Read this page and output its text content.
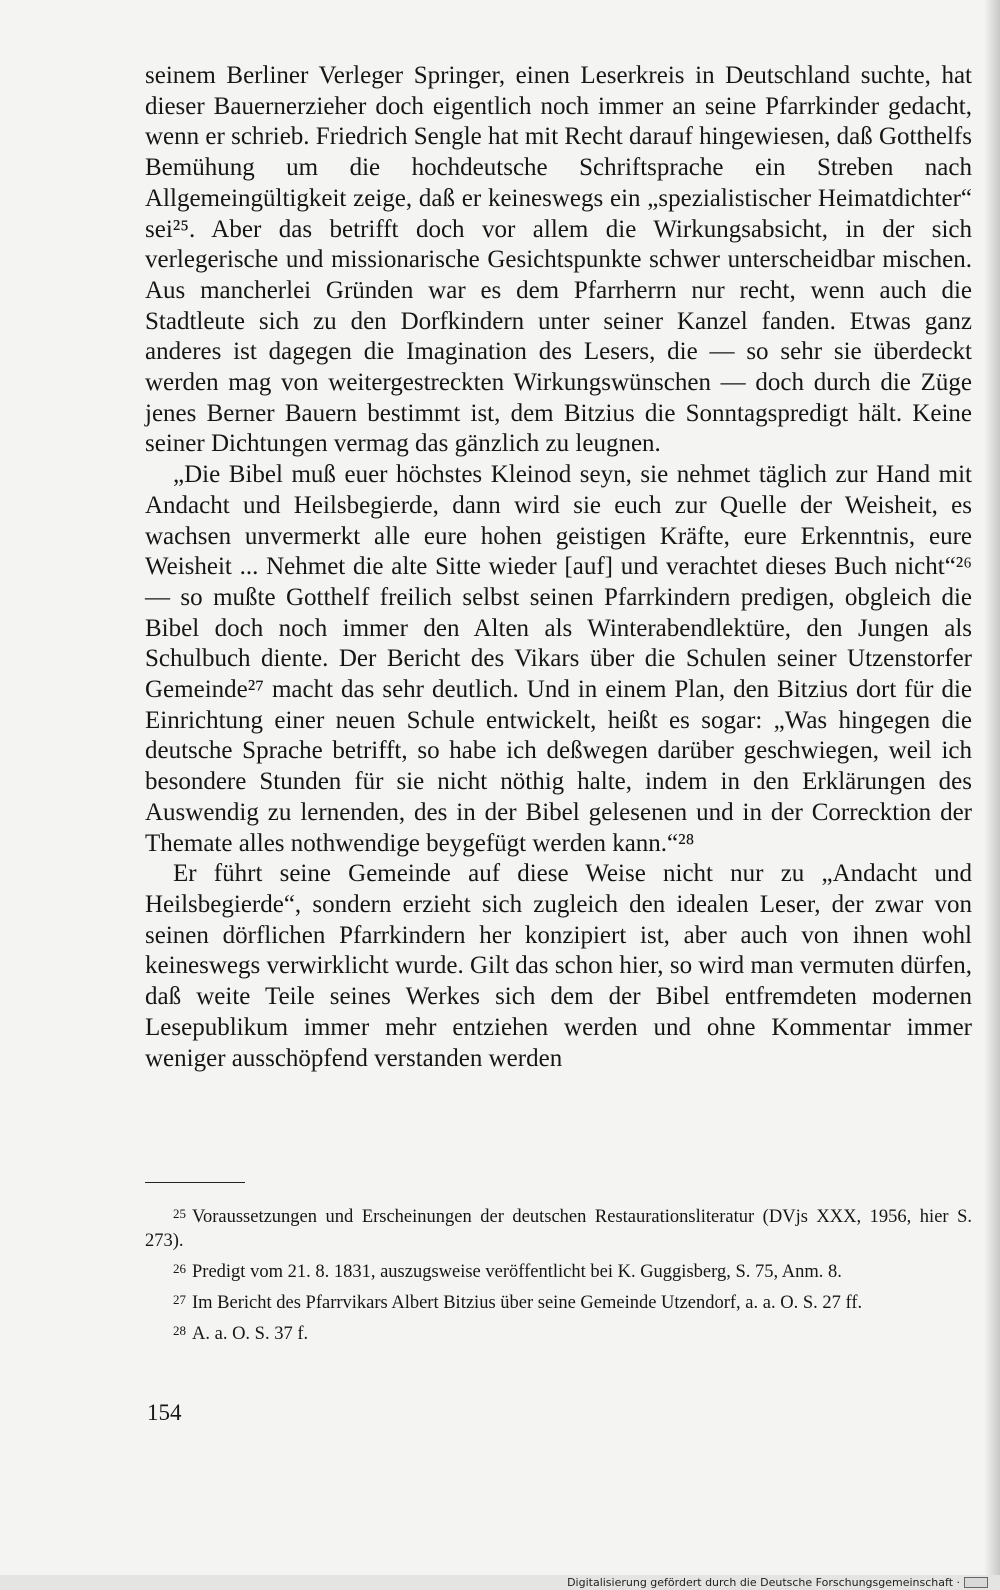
seinem Berliner Verleger Springer, einen Leserkreis in Deutschland suchte, hat dieser Bauernerzieher doch eigentlich noch immer an seine Pfarrkinder gedacht, wenn er schrieb. Friedrich Sengle hat mit Recht darauf hingewiesen, daß Gotthelfs Bemühung um die hochdeutsche Schriftsprache ein Streben nach Allgemeingültigkeit zeige, daß er keineswegs ein „spezialistischer Heimatdichter“ sei²⁵. Aber das betrifft doch vor allem die Wirkungsabsicht, in der sich verlegerische und missionarische Gesichtspunkte schwer unterscheidbar mischen. Aus mancherlei Gründen war es dem Pfarrherrn nur recht, wenn auch die Stadtleute sich zu den Dorfkindern unter seiner Kanzel fanden. Etwas ganz anderes ist dagegen die Imagination des Lesers, die — so sehr sie überdeckt werden mag von weitergestreckten Wirkungswünschen — doch durch die Züge jenes Berner Bauern bestimmt ist, dem Bitzius die Sonntagspredigt hält. Keine seiner Dichtungen vermag das gänzlich zu leugnen.

„Die Bibel muß euer höchstes Kleinod seyn, sie nehmet täglich zur Hand mit Andacht und Heilsbegierde, dann wird sie euch zur Quelle der Weisheit, es wachsen unvermerkt alle eure hohen geistigen Kräfte, eure Erkenntnis, eure Weisheit ... Nehmet die alte Sitte wieder [auf] und verachtet dieses Buch nicht“²⁶ — so mußte Gotthelf freilich selbst seinen Pfarrkindern predigen, obgleich die Bibel doch noch immer den Alten als Winterabendlektüre, den Jungen als Schulbuch diente. Der Bericht des Vikars über die Schulen seiner Utzenstorfer Gemeinde²⁷ macht das sehr deutlich. Und in einem Plan, den Bitzius dort für die Einrichtung einer neuen Schule entwickelt, heißt es sogar: „Was hingegen die deutsche Sprache betrifft, so habe ich deßwegen darüber geschwiegen, weil ich besondere Stunden für sie nicht nöthig halte, indem in den Erklärungen des Auswendig zu lernenden, des in der Bibel gelesenen und in der Correcktion der Themate alles nothwendige beygefügt werden kann.“²⁸

Er führt seine Gemeinde auf diese Weise nicht nur zu „Andacht und Heilsbegierde“, sondern erzieht sich zugleich den idealen Leser, der zwar von seinen dörflichen Pfarrkindern her konzipiert ist, aber auch von ihnen wohl keineswegs verwirklicht wurde. Gilt das schon hier, so wird man vermuten dürfen, daß weite Teile seines Werkes sich dem der Bibel entfremdeten modernen Lesepublikum immer mehr entziehen werden und ohne Kommentar immer weniger ausschöpfend verstanden werden

$^{25}$ Voraussetzungen und Erscheinungen der deutschen Restaurationsliteratur (DVjs XXX, 1956, hier S. 273).

$^{26}$ Predigt vom 21. 8. 1831, auszugsweise veröffentlicht bei K. Guggisberg, S. 75, Anm. 8.

$^{27}$ Im Bericht des Pfarrvikars Albert Bitzius über seine Gemeinde Utzendorf, a. a. O. S. 27 ff.

$^{28}$ A. a. O. S. 37 f.

154
Digitalisierung gefördert durch die Deutsche Forschungsgemeinschaft ·
